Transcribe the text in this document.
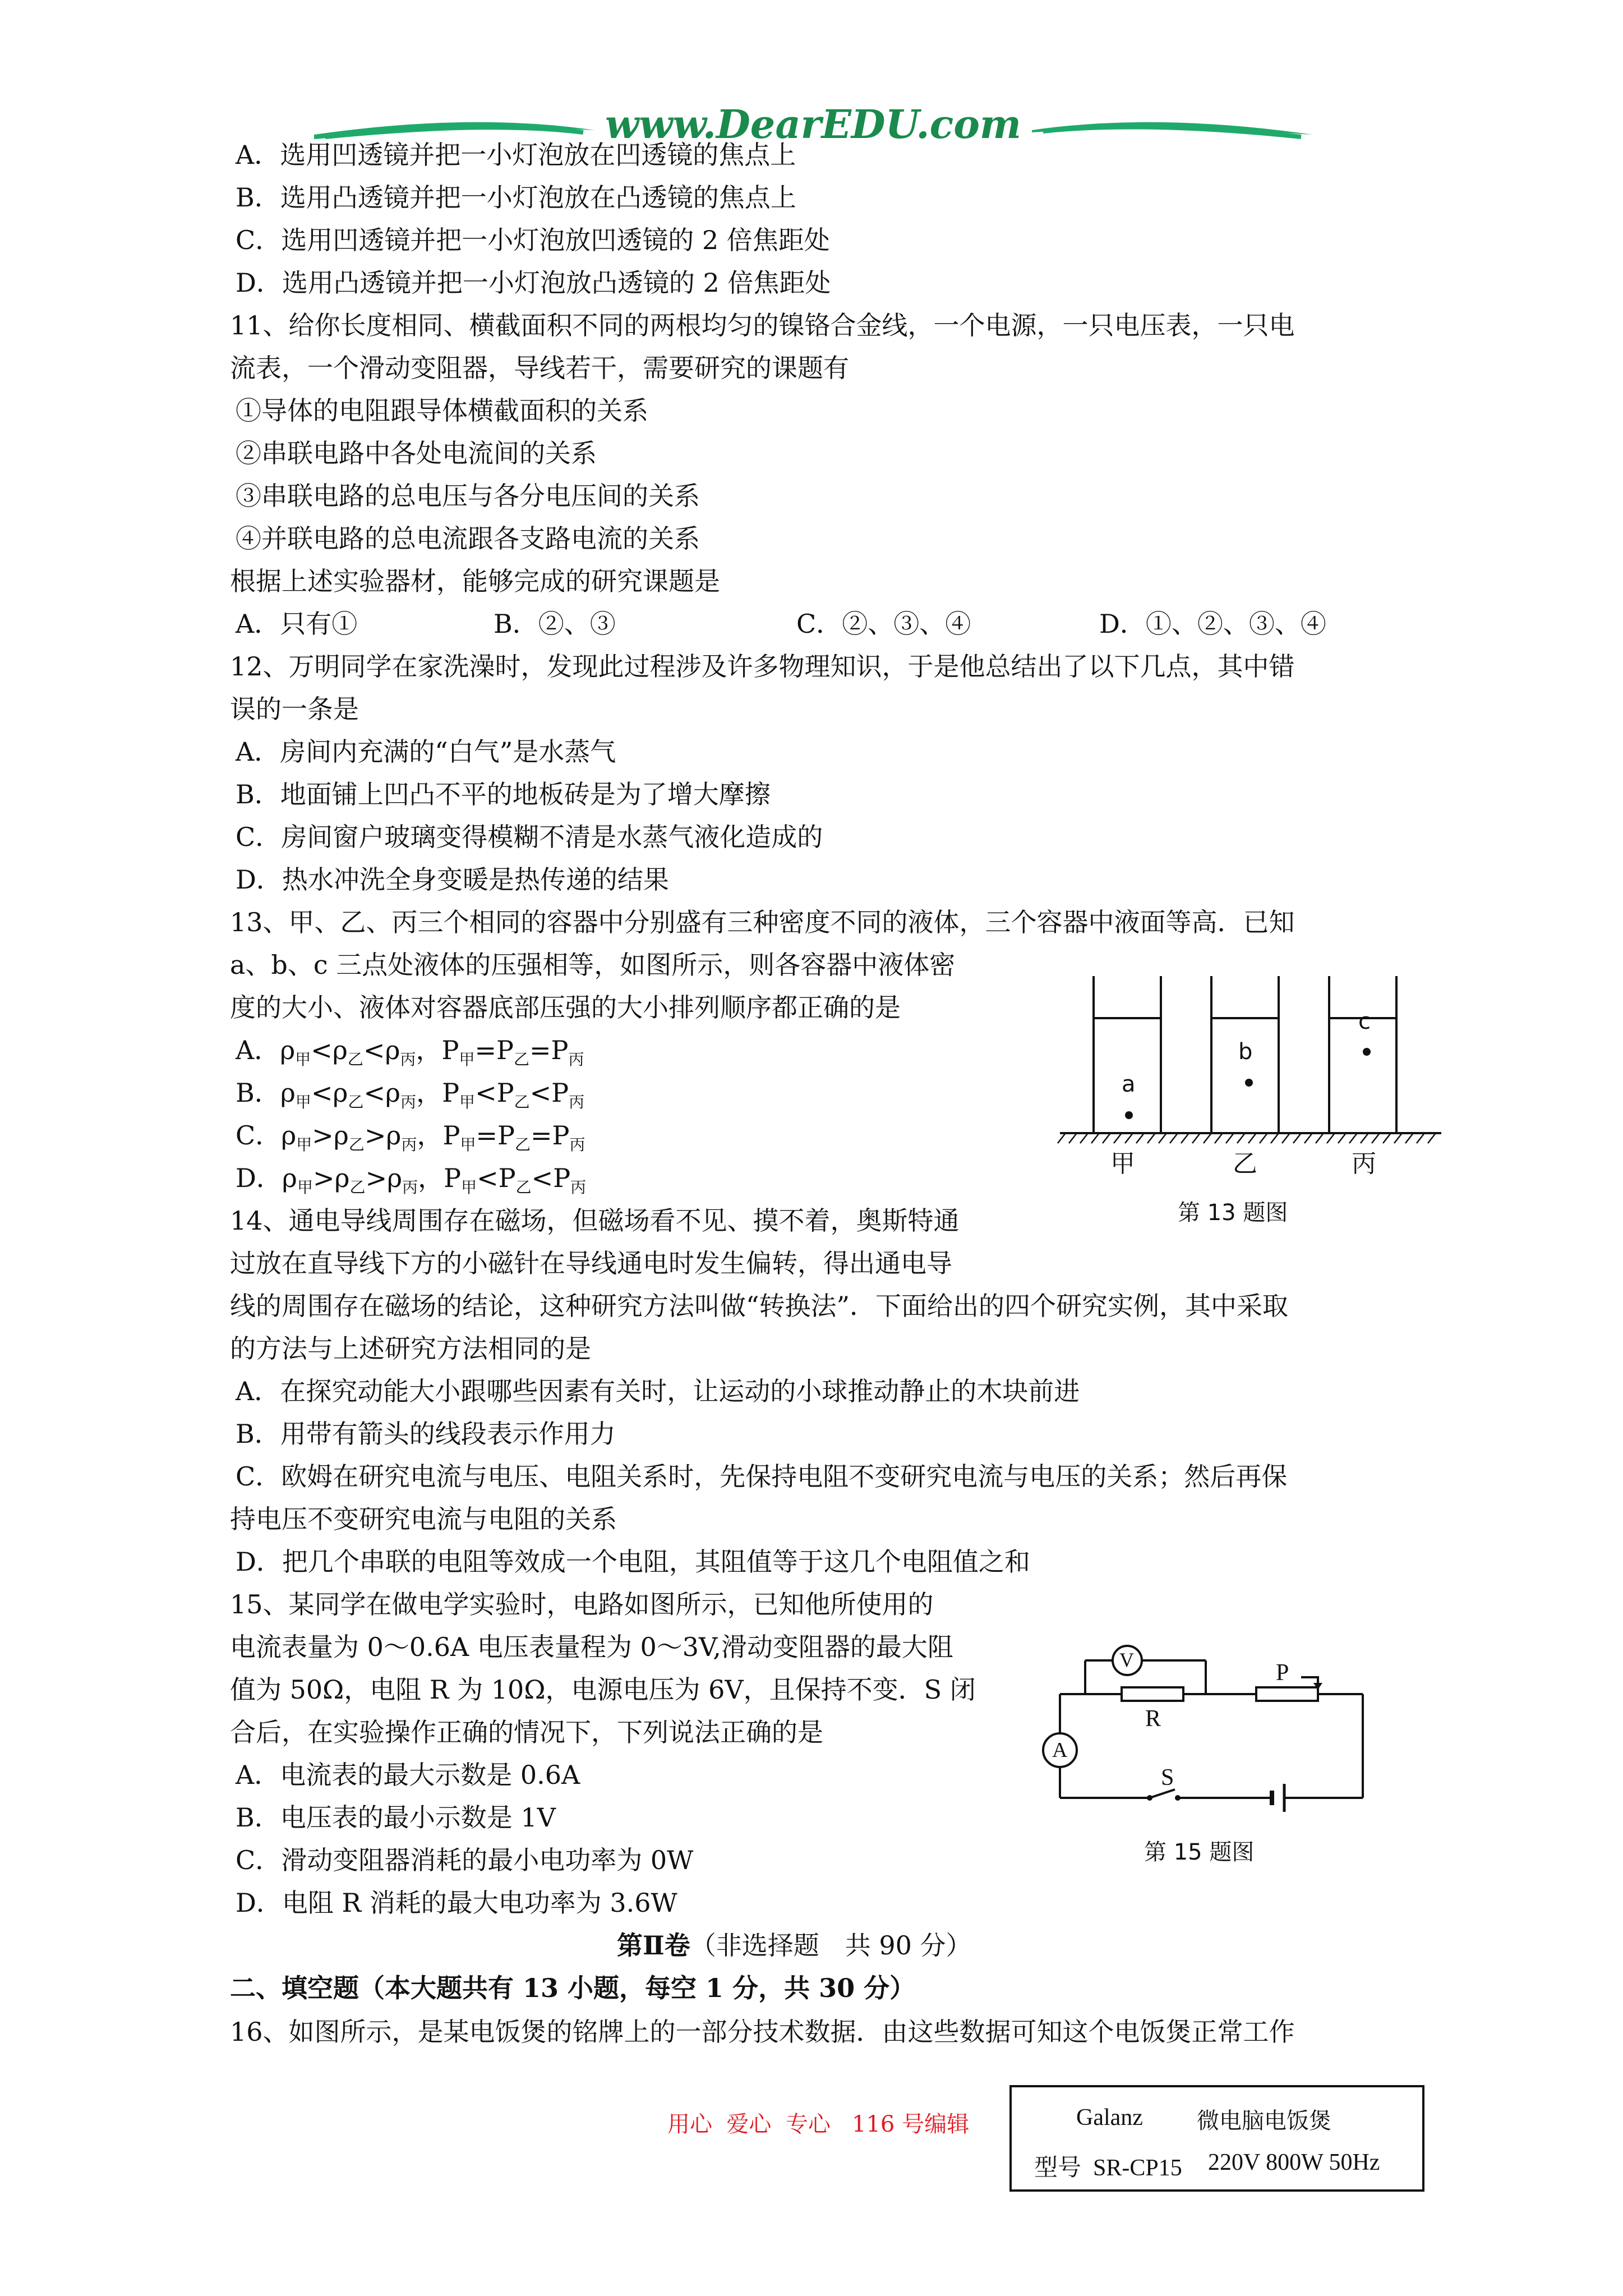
www.DearEDU.com
A．选用凹透镜并把一小灯泡放在凹透镜的焦点上
B．选用凸透镜并把一小灯泡放在凸透镜的焦点上
C．选用凹透镜并把一小灯泡放凹透镜的 2 倍焦距处
D．选用凸透镜并把一小灯泡放凸透镜的 2 倍焦距处
11、给你长度相同、横截面积不同的两根均匀的镍铬合金线，一个电源，一只电压表，一只电
流表，一个滑动变阻器，导线若干，需要研究的课题有
①导体的电阻跟导体横截面积的关系
②串联电路中各处电流间的关系
③串联电路的总电压与各分电压间的关系
④并联电路的总电流跟各支路电流的关系
根据上述实验器材，能够完成的研究课题是
A．只有①	B．②、③	C．②、③、④	D．①、②、③、④
12、万明同学在家洗澡时，发现此过程涉及许多物理知识，于是他总结出了以下几点，其中错
误的一条是
A．房间内充满的“白气”是水蒸气
B．地面铺上凹凸不平的地板砖是为了增大摩擦
C．房间窗户玻璃变得模糊不清是水蒸气液化造成的
D．热水冲洗全身变暖是热传递的结果
13、甲、乙、丙三个相同的容器中分别盛有三种密度不同的液体，三个容器中液面等高．已知
a、b、c 三点处液体的压强相等，如图所示，则各容器中液体密
度的大小、液体对容器底部压强的大小排列顺序都正确的是
A．$\rho_甲<\rho_乙<\rho_丙$，$P_甲=P_乙=P_丙$
B．$\rho_甲<\rho_乙<\rho_丙$，$P_甲<P_乙<P_丙$
C．$\rho_甲>\rho_乙>\rho_丙$，$P_甲=P_乙=P_丙$
D．$\rho_甲>\rho_乙>\rho_丙$，$P_甲<P_乙<P_丙$
a
b
c
甲	乙	丙
第 13 题图
14、通电导线周围存在磁场，但磁场看不见、摸不着，奥斯特通
过放在直导线下方的小磁针在导线通电时发生偏转，得出通电导
线的周围存在磁场的结论，这种研究方法叫做“转换法”．下面给出的四个研究实例，其中采取
的方法与上述研究方法相同的是
A．在探究动能大小跟哪些因素有关时，让运动的小球推动静止的木块前进
B．用带有箭头的线段表示作用力
C．欧姆在研究电流与电压、电阻关系时，先保持电阻不变研究电流与电压的关系；然后再保
持电压不变研究电流与电阻的关系
D．把几个串联的电阻等效成一个电阻，其阻值等于这几个电阻值之和
15、某同学在做电学实验时，电路如图所示，已知他所使用的
电流表量为 0～0.6A 电压表量程为 0～3V,滑动变阻器的最大阻
值为 50Ω，电阻 R 为 10Ω，电源电压为 6V，且保持不变．S 闭
合后，在实验操作正确的情况下，下列说法正确的是
A．电流表的最大示数是 0.6A
B．电压表的最小示数是 1V
C．滑动变阻器消耗的最小电功率为 0W
D．电阻 R 消耗的最大电功率为 3.6W
V
A
R
P
S
第 15 题图
第Ⅱ卷（非选择题　共 90 分）
二、填空题（本大题共有 13 小题，每空 1 分，共 30 分）
16、如图所示，是某电饭煲的铭牌上的一部分技术数据．由这些数据可知这个电饭煲正常工作
用心  爱心  专心   116 号编辑	Galanz 微电脑电饭煲
型号  SR-CP15 220V 800W 50Hz
